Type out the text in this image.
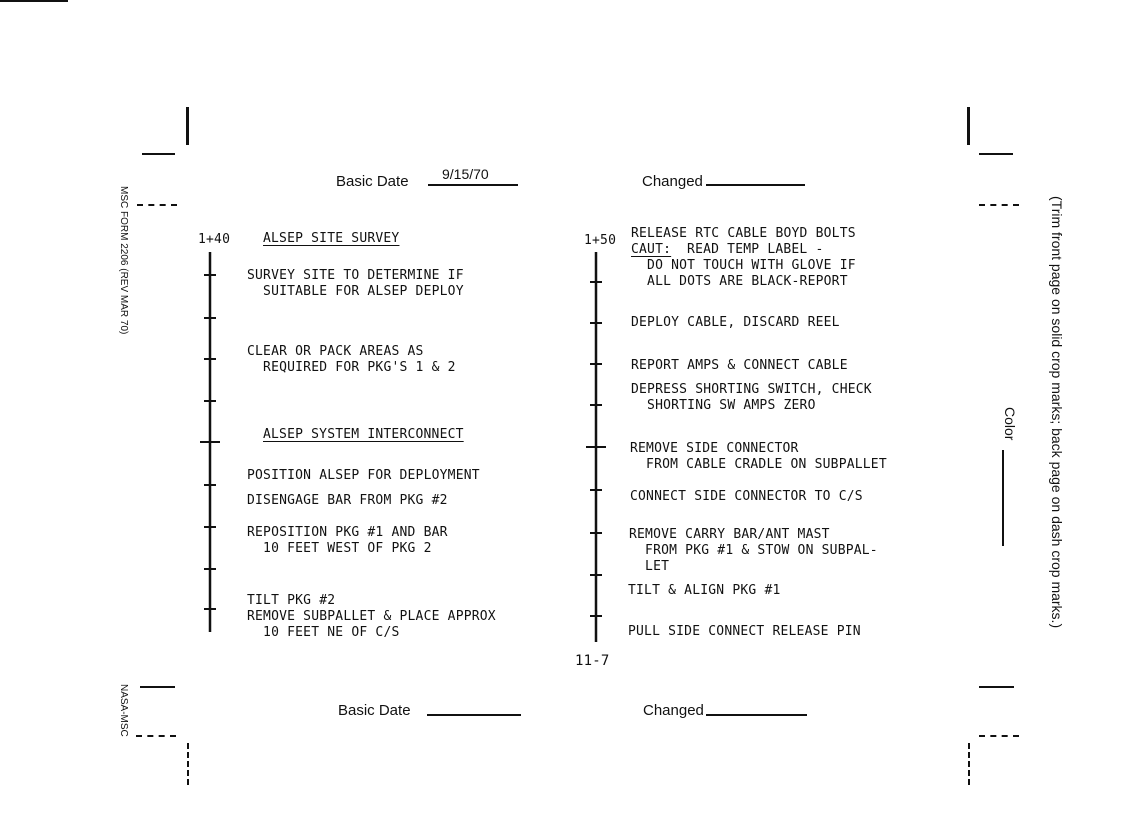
MSC FORM 2206 (REV MAR 70)
NASA-MSC
(Trim front page on solid crop marks; back page on dash crop marks.)
Color
Basic Date 9/15/70	Changed
Basic Date	Changed
11-7
1+40	ALSEP SITE SURVEY
SURVEY SITE TO DETERMINE IF
SUITABLE FOR ALSEP DEPLOY
CLEAR OR PACK AREAS AS
REQUIRED FOR PKG'S 1 & 2
ALSEP SYSTEM INTERCONNECT
POSITION ALSEP FOR DEPLOYMENT
DISENGAGE BAR FROM PKG #2
REPOSITION PKG #1 AND BAR
10 FEET WEST OF PKG 2
TILT PKG #2
REMOVE SUBPALLET & PLACE APPROX
10 FEET NE OF C/S
1+50 RELEASE RTC CABLE BOYD BOLTS
CAUT: READ TEMP LABEL -
DO NOT TOUCH WITH GLOVE IF
ALL DOTS ARE BLACK-REPORT
DEPLOY CABLE, DISCARD REEL
REPORT AMPS & CONNECT CABLE
DEPRESS SHORTING SWITCH, CHECK
SHORTING SW AMPS ZERO
REMOVE SIDE CONNECTOR
FROM CABLE CRADLE ON SUBPALLET
CONNECT SIDE CONNECTOR TO C/S
REMOVE CARRY BAR/ANT MAST
FROM PKG #1 & STOW ON SUBPAL-
LET
TILT & ALIGN PKG #1
PULL SIDE CONNECT RELEASE PIN
